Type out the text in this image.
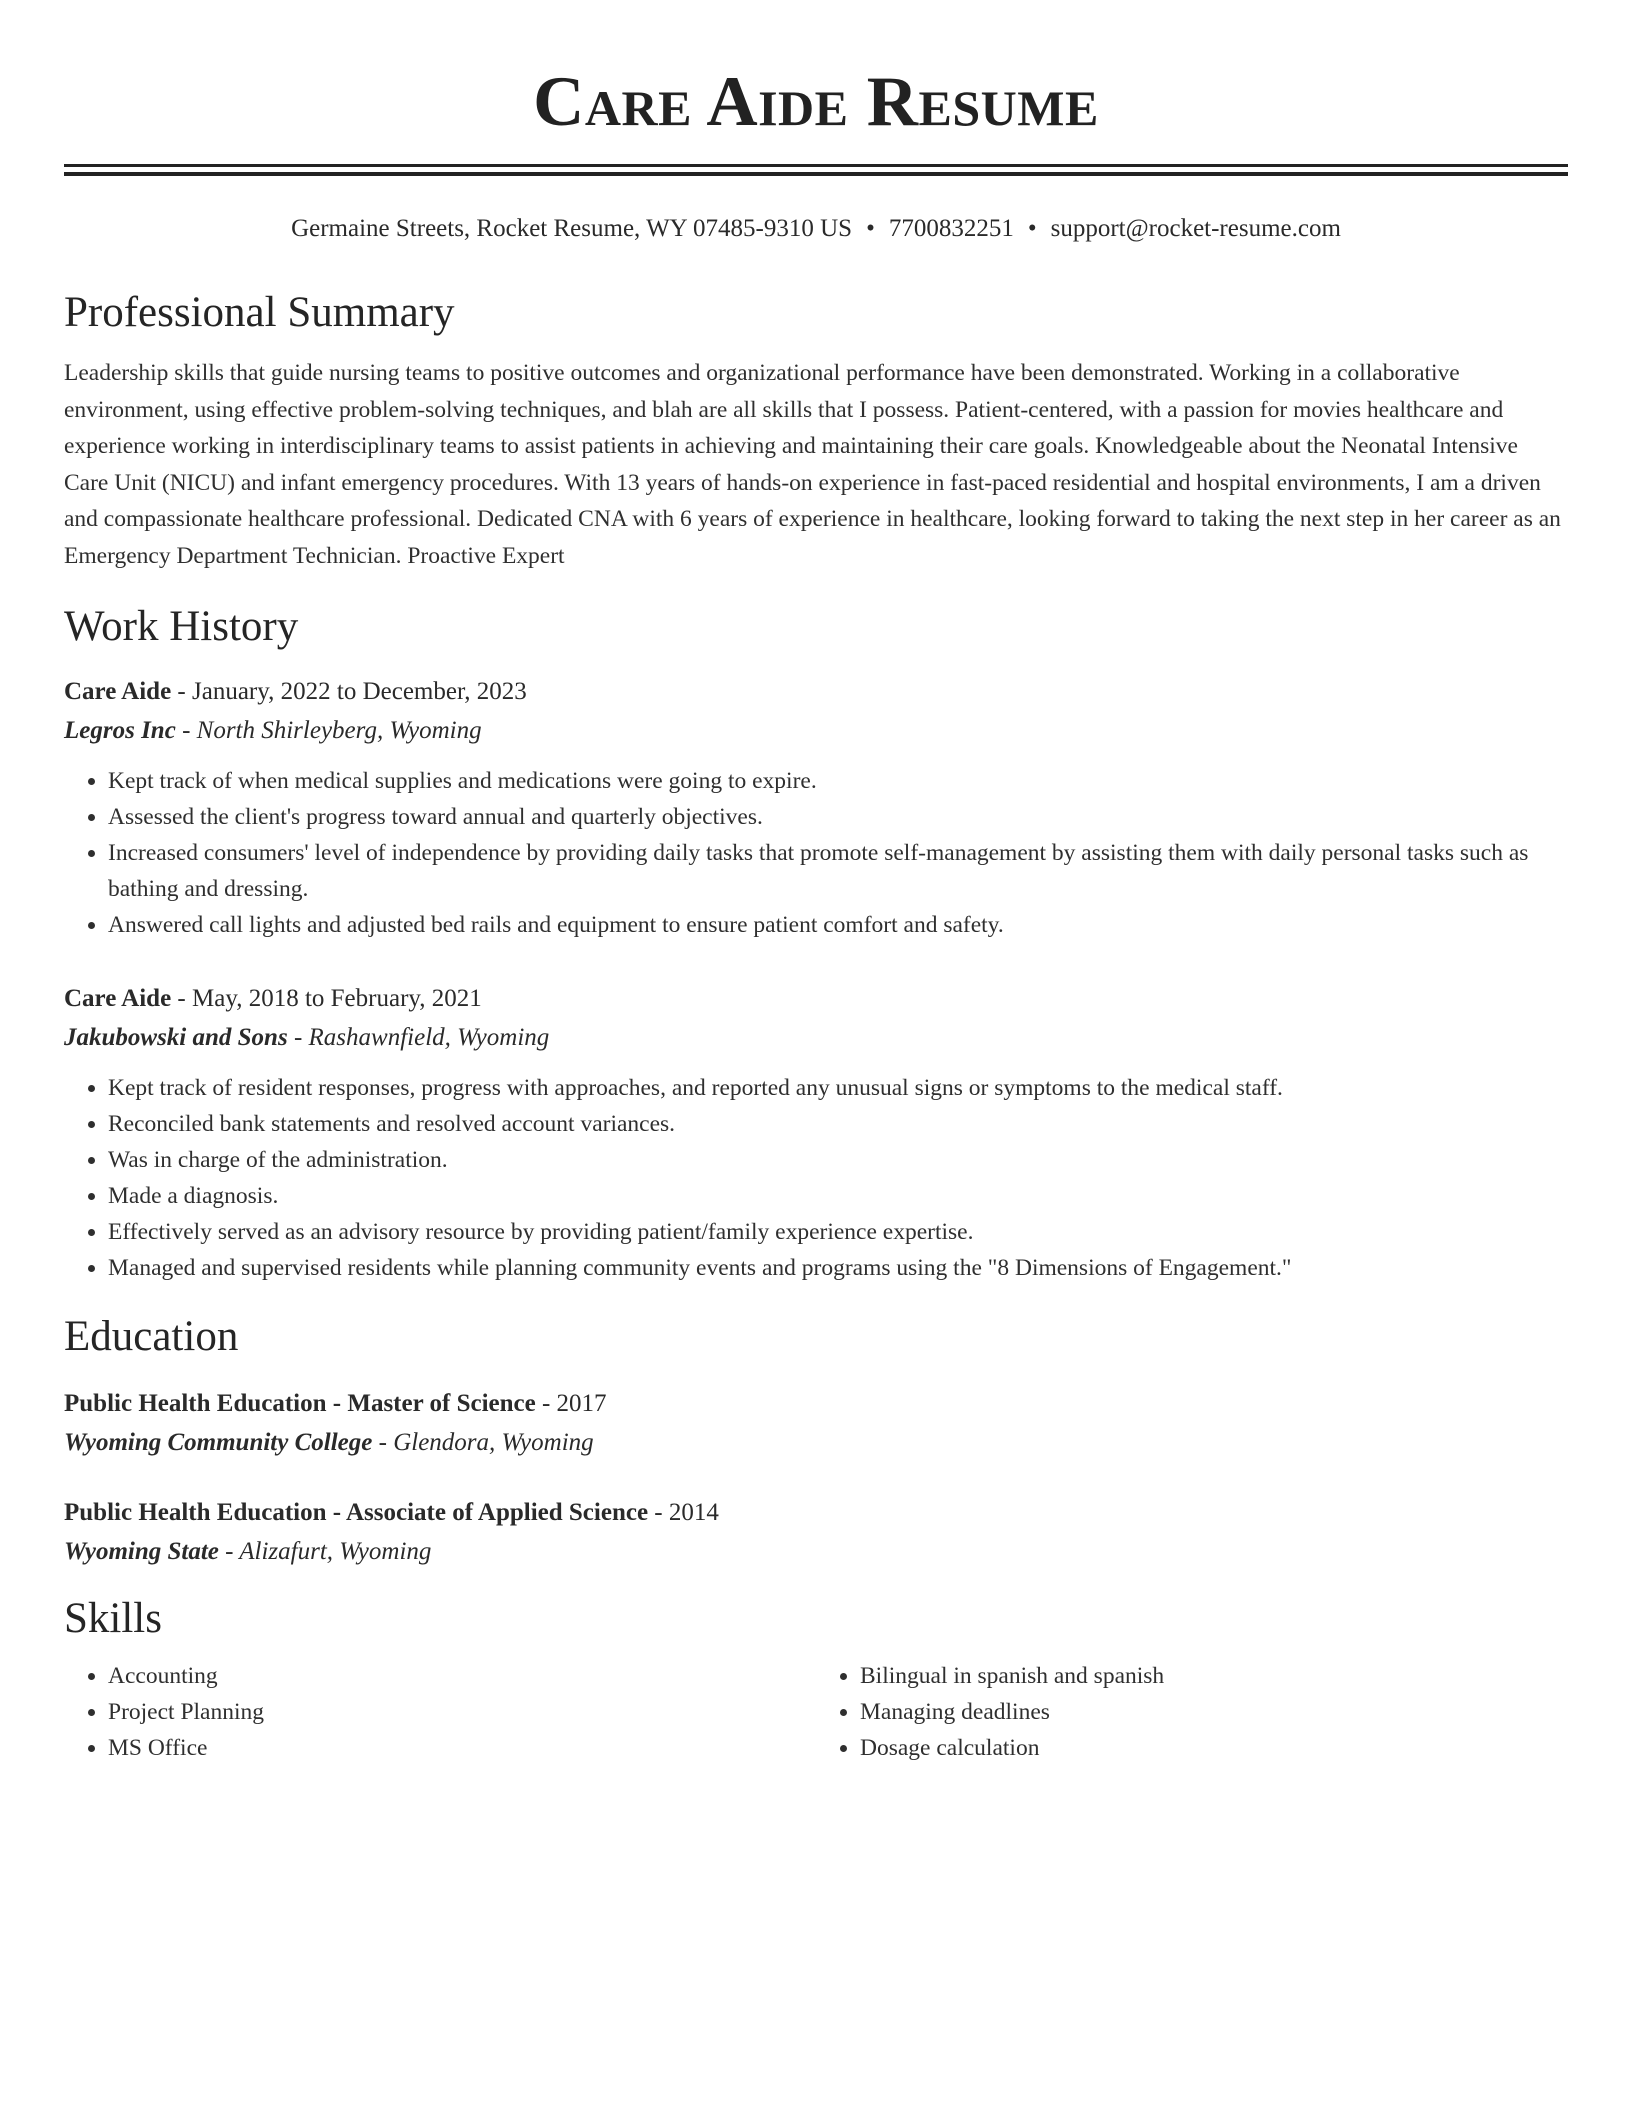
Care Aide Resume
Germaine Streets, Rocket Resume, WY 07485-9310 US • 7700832251 • support@rocket-resume.com
Professional Summary
Leadership skills that guide nursing teams to positive outcomes and organizational performance have been demonstrated. Working in a collaborative environment, using effective problem-solving techniques, and blah are all skills that I possess. Patient-centered, with a passion for movies healthcare and experience working in interdisciplinary teams to assist patients in achieving and maintaining their care goals. Knowledgeable about the Neonatal Intensive Care Unit (NICU) and infant emergency procedures. With 13 years of hands-on experience in fast-paced residential and hospital environments, I am a driven and compassionate healthcare professional. Dedicated CNA with 6 years of experience in healthcare, looking forward to taking the next step in her career as an Emergency Department Technician. Proactive Expert
Work History
Care Aide - January, 2022 to December, 2023
Legros Inc - North Shirleyberg, Wyoming
• Kept track of when medical supplies and medications were going to expire.
• Assessed the client's progress toward annual and quarterly objectives.
• Increased consumers' level of independence by providing daily tasks that promote self-management by assisting them with daily personal tasks such as bathing and dressing.
• Answered call lights and adjusted bed rails and equipment to ensure patient comfort and safety.
Care Aide - May, 2018 to February, 2021
Jakubowski and Sons - Rashawnfield, Wyoming
• Kept track of resident responses, progress with approaches, and reported any unusual signs or symptoms to the medical staff.
• Reconciled bank statements and resolved account variances.
• Was in charge of the administration.
• Made a diagnosis.
• Effectively served as an advisory resource by providing patient/family experience expertise.
• Managed and supervised residents while planning community events and programs using the "8 Dimensions of Engagement."
Education
Public Health Education - Master of Science - 2017
Wyoming Community College - Glendora, Wyoming
Public Health Education - Associate of Applied Science - 2014
Wyoming State - Alizafurt, Wyoming
Skills
• Accounting
• Project Planning
• MS Office
• Bilingual in spanish and spanish
• Managing deadlines
• Dosage calculation
